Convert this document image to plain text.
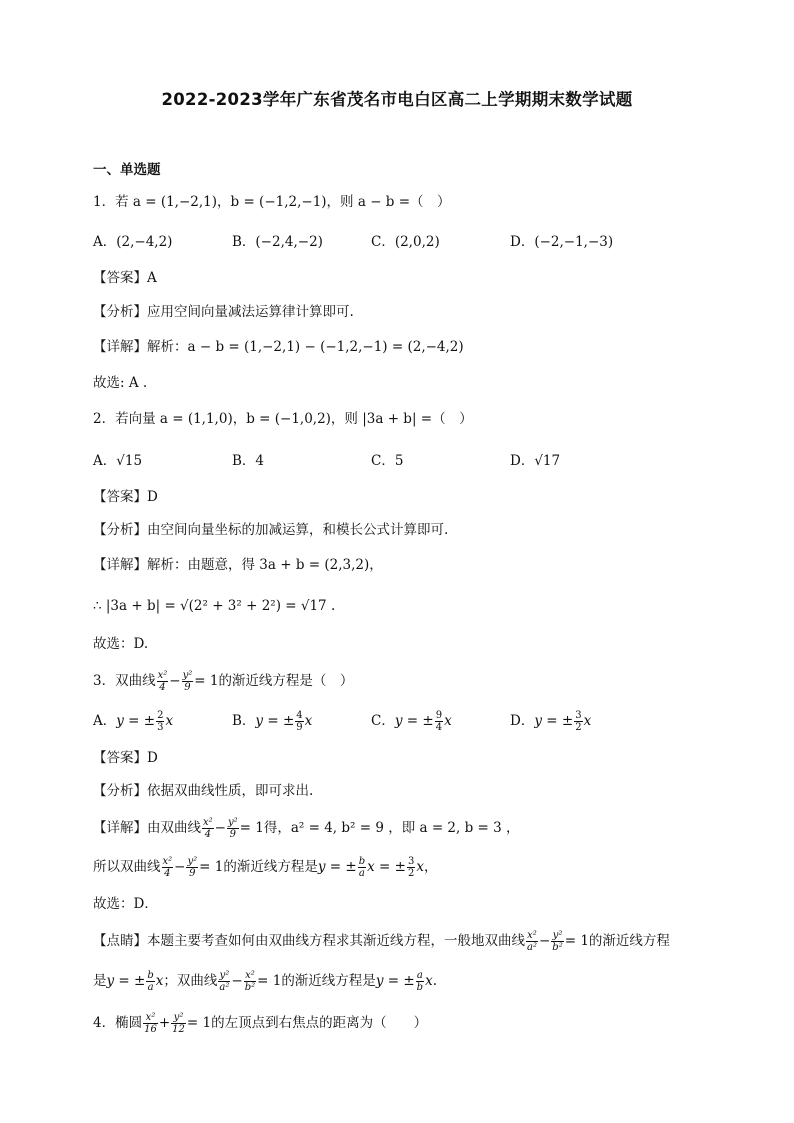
2022-2023学年广东省茂名市电白区高二上学期期末数学试题
一、单选题
1．若 a = (1,−2,1)，b = (−1,2,−1)，则 a − b =（　）
A．(2,−4,2)	B．(−2,4,−2)	C．(2,0,2)	D．(−2,−1,−3)
【答案】A
【分析】应用空间向量减法运算律计算即可.
【详解】解析：a − b = (1,−2,1) − (−1,2,−1) = (2,−4,2)
故选: A .
2．若向量 a = (1,1,0)，b = (−1,0,2)，则 |3a + b| =（　）
A．√15	B．4	C．5	D．√17
【答案】D
【分析】由空间向量坐标的加减运算，和模长公式计算即可.
【详解】解析：由题意，得 3a + b = (2,3,2)，
∴ |3a + b| = √(2² + 3² + 2²) = √17 .
故选：D.
3．双曲线 $\frac{\text{x²}}{4} - \frac{\text{y²}}{9} = 1$的渐近线方程是（　）
A．y = ± $\frac{2}{3}$ x	B．y = ± $\frac{4}{9}$ x	C．y = ± $\frac{9}{4}$ x	D．y = ± $\frac{3}{2}$ x
【答案】D
【分析】依据双曲线性质，即可求出.
【详解】由双曲线 $\frac{\text{x²}}{4} - \frac{\text{y²}}{9} = 1$得，a² = 4, b² = 9 ，即 a = 2, b = 3 ，
所以双曲线 $\frac{\text{x²}}{4} - \frac{\text{y²}}{9} = 1$的渐近线方程是y = ± $\frac{b}{a}$ x = ± $\frac{3}{2}$ x，
故选：D．
【点睛】本题主要考查如何由双曲线方程求其渐近线方程，一般地双曲线 $\frac{\text{x²}}{\text{a²}} - \frac{\text{y²}}{\text{b²}} = 1$的渐近线方程
是y = ± $\frac{b}{a}$ x；双曲线 $\frac{\text{y²}}{\text{a²}} - \frac{\text{x²}}{\text{b²}} = 1$的渐近线方程是y = ± $\frac{a}{b} x$.
4．椭圆 $\frac{\text{x²}}{16} + \frac{\text{y²}}{12} = 1$的左顶点到右焦点的距离为（　　）
